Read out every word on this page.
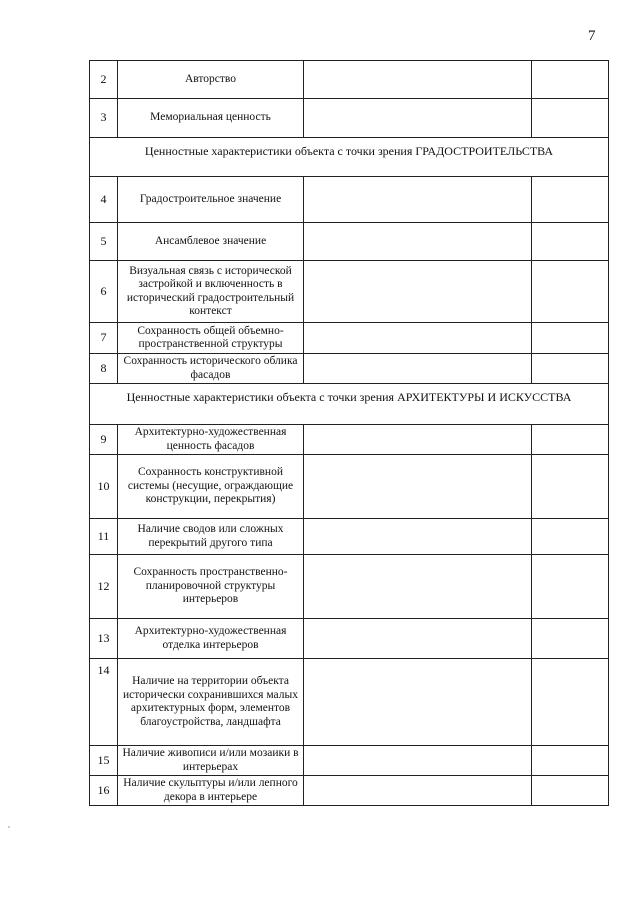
7
2	Авторство		
3	Мемориальная ценность		
Ценностные характеристики объекта с точки зрения ГРАДОСТРОИТЕЛЬСТВА			
4	Градостроительное значение		
5	Ансамблевое значение		
6	Визуальная связь с исторической застройкой и включенность в исторический градостроительный контекст		
7	Сохранность общей объемно-пространственной структуры		
8	Сохранность исторического облика фасадов		
Ценностные характеристики объекта с точки зрения АРХИТЕКТУРЫ И ИСКУССТВА			
9	Архитектурно-художественная ценность фасадов		
10	Сохранность конструктивной системы (несущие, ограждающие конструкции, перекрытия)		
11	Наличие сводов или сложных перекрытий другого типа		
12	Сохранность пространственно-планировочной структуры интерьеров		
13	Архитектурно-художественная отделка интерьеров		
14	Наличие на территории объекта исторически сохранившихся малых архитектурных форм, элементов благоустройства, ландшафта		
15	Наличие живописи и/или мозаики в интерьерах		
16	Наличие скульптуры и/или лепного декора в интерьере		
